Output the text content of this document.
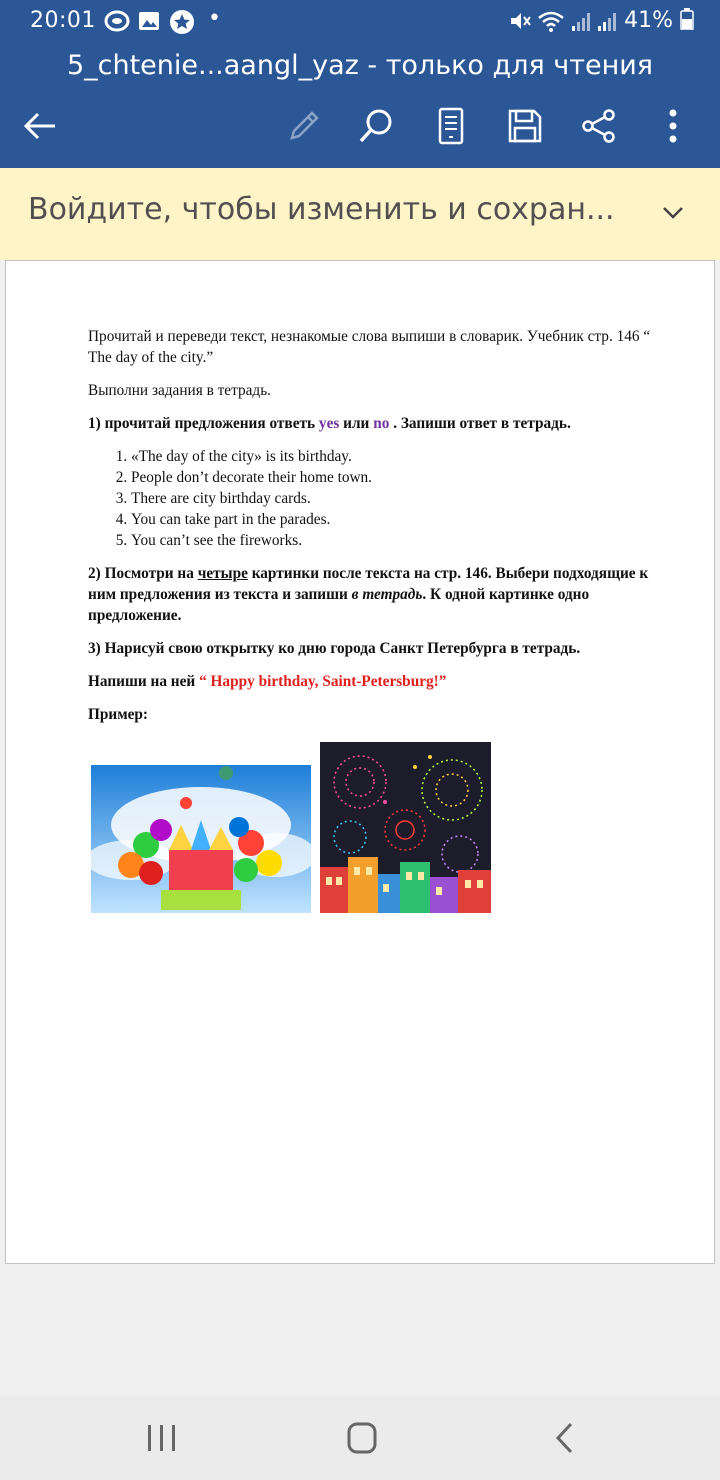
20:01	•	41%
5_chtenie...aangl_yaz - только для чтения
Войдите, чтобы изменить и сохран...

Прочитай и переведи текст, незнакомые слова выпиши в словарик. Учебник стр. 146 “ The day of the city.”

Выполни задания в тетрадь.

1) прочитай предложения ответь yes или no . Запиши ответ в тетрадь.

1. «The day of the city» is its birthday.
2. People don’t decorate their home town.
3. There are city birthday cards.
4. You can take part in the parades.
5. You can’t see the fireworks.

2) Посмотри на четыре картинки после текста на стр. 146. Выбери подходящие к ним предложения из текста и запиши в тетрадь. К одной картинке одно предложение.

3) Нарисуй свою открытку ко дню города Санкт Петербурга в тетрадь.

Напиши на ней “ Happy birthday, Saint-Petersburg!”

Пример:
